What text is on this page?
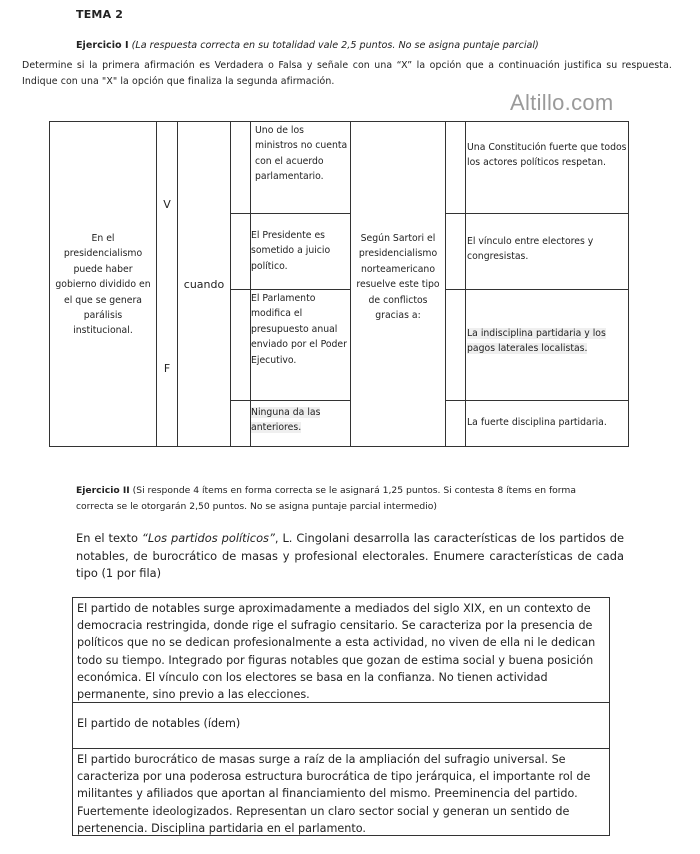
TEMA 2
Ejercicio I (La respuesta correcta en su totalidad vale 2,5 puntos. No se asigna puntaje parcial)
Determine si la primera afirmación es Verdadera o Falsa y señale con una “X” la opción que a continuación justifica su respuesta. Indique con una "X" la opción que finaliza la segunda afirmación.
Altillo.com
En el presidencialismo puede haber gobierno dividido en el que se genera parálisis institucional.
V
F
cuando
Uno de los ministros no cuenta con el acuerdo parlamentario.
El Presidente es sometido a juicio político.
El Parlamento modifica el presupuesto anual enviado por el Poder Ejecutivo.
Ninguna da las anteriores.
Según Sartori el presidencialismo norteamericano resuelve este tipo de conflictos gracias a:
Una Constitución fuerte que todos los actores políticos respetan.
El vínculo entre electores y congresistas.
La indisciplina partidaria y los pagos laterales localistas.
La fuerte disciplina partidaria.
Ejercicio II (Si responde 4 ítems en forma correcta se le asignará 1,25 puntos. Si contesta 8 ítems en forma correcta se le otorgarán 2,50 puntos. No se asigna puntaje parcial intermedio)
En el texto “Los partidos políticos”, L. Cingolani desarrolla las características de los partidos de notables, de burocrático de masas y profesional electorales. Enumere características de cada tipo (1 por fila)
El partido de notables surge aproximadamente a mediados del siglo XIX, en un contexto de democracia restringida, donde rige el sufragio censitario. Se caracteriza por la presencia de políticos que no se dedican profesionalmente a esta actividad, no viven de ella ni le dedican todo su tiempo. Integrado por figuras notables que gozan de estima social y buena posición económica. El vínculo con los electores se basa en la confianza. No tienen actividad permanente, sino previo a las elecciones.
El partido de notables (ídem)
El partido burocrático de masas surge a raíz de la ampliación del sufragio universal. Se caracteriza por una poderosa estructura burocrática de tipo jerárquica, el importante rol de militantes y afiliados que aportan al financiamiento del mismo. Preeminencia del partido. Fuertemente ideologizados. Representan un claro sector social y generan un sentido de pertenencia. Disciplina partidaria en el parlamento.
